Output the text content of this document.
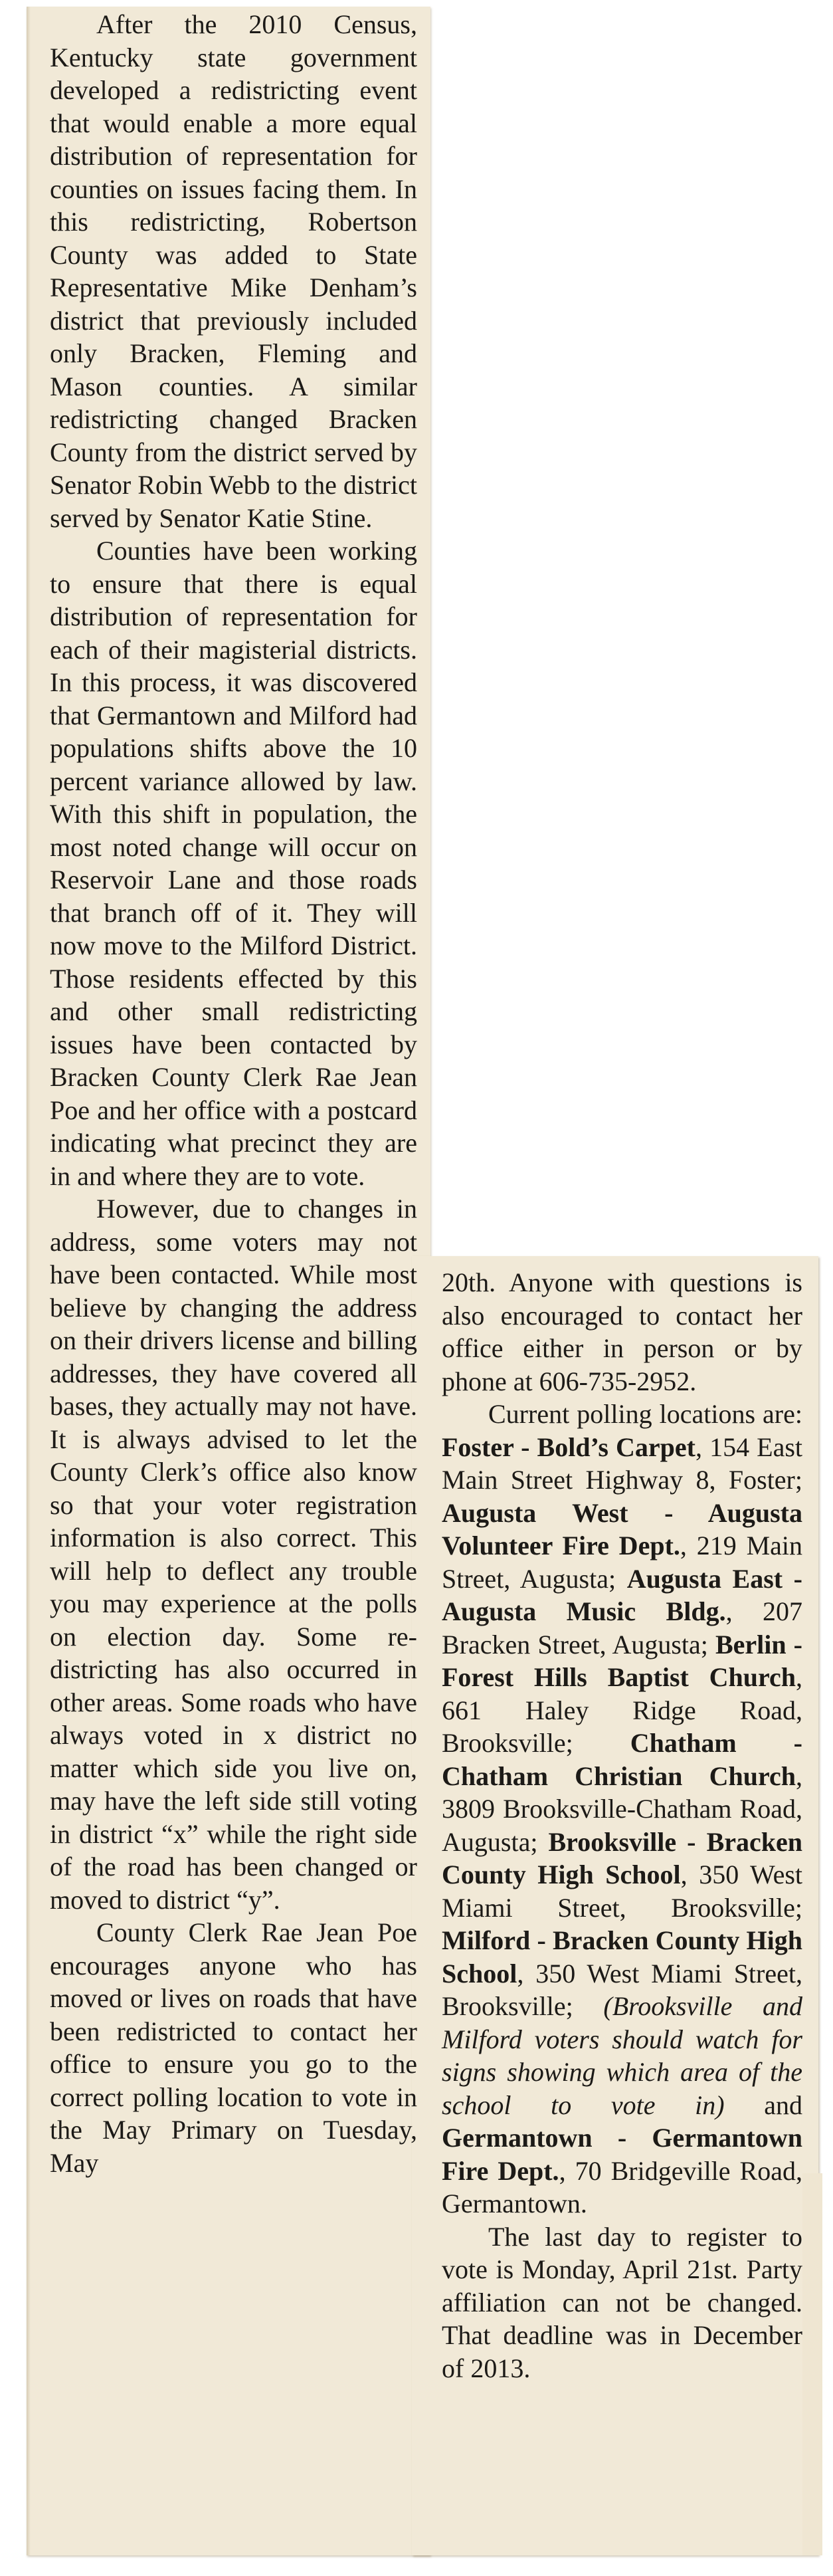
After the 2010 Census, Kentucky state government developed a redistricting event that would enable a more equal distribution of representation for counties on issues facing them. In this redistricting, Robertson County was added to State Representative Mike Denham’s district that previously included only Bracken, Fleming and Mason counties. A similar redistricting changed Bracken County from the district served by Senator Robin Webb to the district served by Senator Katie Stine.

Counties have been working to ensure that there is equal distribution of representation for each of their magisterial districts. In this process, it was discovered that Germantown and Milford had populations shifts above the 10 percent variance allowed by law. With this shift in population, the most noted change will occur on Reservoir Lane and those roads that branch off of it. They will now move to the Milford District. Those residents effected by this and other small redistricting issues have been contacted by Bracken County Clerk Rae Jean Poe and her office with a postcard indicating what precinct they are in and where they are to vote.

However, due to changes in address, some voters may not have been contacted. While most believe by changing the address on their drivers license and billing addresses, they have covered all bases, they actually may not have. It is always advised to let the County Clerk’s office also know so that your voter registration information is also correct. This will help to deflect any trouble you may experience at the polls on election day. Some redistricting has also occurred in other areas. Some roads who have always voted in x district no matter which side you live on, may have the left side still voting in district “x” while the right side of the road has been changed or moved to district “y”.

County Clerk Rae Jean Poe encourages anyone who has moved or lives on roads that have been redistricted to contact her office to ensure you go to the correct polling location to vote in the May Primary on Tuesday, May

20th. Anyone with questions is also encouraged to contact her office either in person or by phone at 606-735-2952.

Current polling locations are: Foster - Bold’s Carpet, 154 East Main Street Highway 8, Foster; Augusta West - Augusta Volunteer Fire Dept., 219 Main Street, Augusta; Augusta East - Augusta Music Bldg., 207 Bracken Street, Augusta; Berlin - Forest Hills Baptist Church, 661 Haley Ridge Road, Brooksville; Chatham - Chatham Christian Church, 3809 Brooksville-Chatham Road, Augusta; Brooksville - Bracken County High School, 350 West Miami Street, Brooksville; Milford - Bracken County High School, 350 West Miami Street, Brooksville; (Brooksville and Milford voters should watch for signs showing which area of the school to vote in) and Germantown - Germantown Fire Dept., 70 Bridgeville Road, Germantown.

The last day to register to vote is Monday, April 21st. Party affiliation can not be changed. That deadline was in December of 2013.
